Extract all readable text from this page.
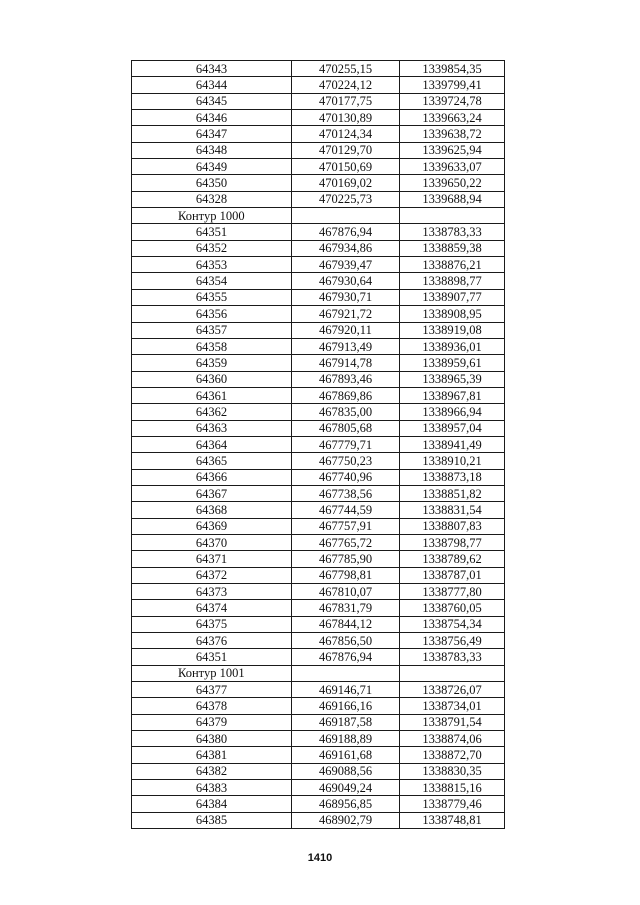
64343	470255,15	1339854,35
64344	470224,12	1339799,41
64345	470177,75	1339724,78
64346	470130,89	1339663,24
64347	470124,34	1339638,72
64348	470129,70	1339625,94
64349	470150,69	1339633,07
64350	470169,02	1339650,22
64328	470225,73	1339688,94
Контур 1000		
64351	467876,94	1338783,33
64352	467934,86	1338859,38
64353	467939,47	1338876,21
64354	467930,64	1338898,77
64355	467930,71	1338907,77
64356	467921,72	1338908,95
64357	467920,11	1338919,08
64358	467913,49	1338936,01
64359	467914,78	1338959,61
64360	467893,46	1338965,39
64361	467869,86	1338967,81
64362	467835,00	1338966,94
64363	467805,68	1338957,04
64364	467779,71	1338941,49
64365	467750,23	1338910,21
64366	467740,96	1338873,18
64367	467738,56	1338851,82
64368	467744,59	1338831,54
64369	467757,91	1338807,83
64370	467765,72	1338798,77
64371	467785,90	1338789,62
64372	467798,81	1338787,01
64373	467810,07	1338777,80
64374	467831,79	1338760,05
64375	467844,12	1338754,34
64376	467856,50	1338756,49
64351	467876,94	1338783,33
Контур 1001		
64377	469146,71	1338726,07
64378	469166,16	1338734,01
64379	469187,58	1338791,54
64380	469188,89	1338874,06
64381	469161,68	1338872,70
64382	469088,56	1338830,35
64383	469049,24	1338815,16
64384	468956,85	1338779,46
64385	468902,79	1338748,81
1410
